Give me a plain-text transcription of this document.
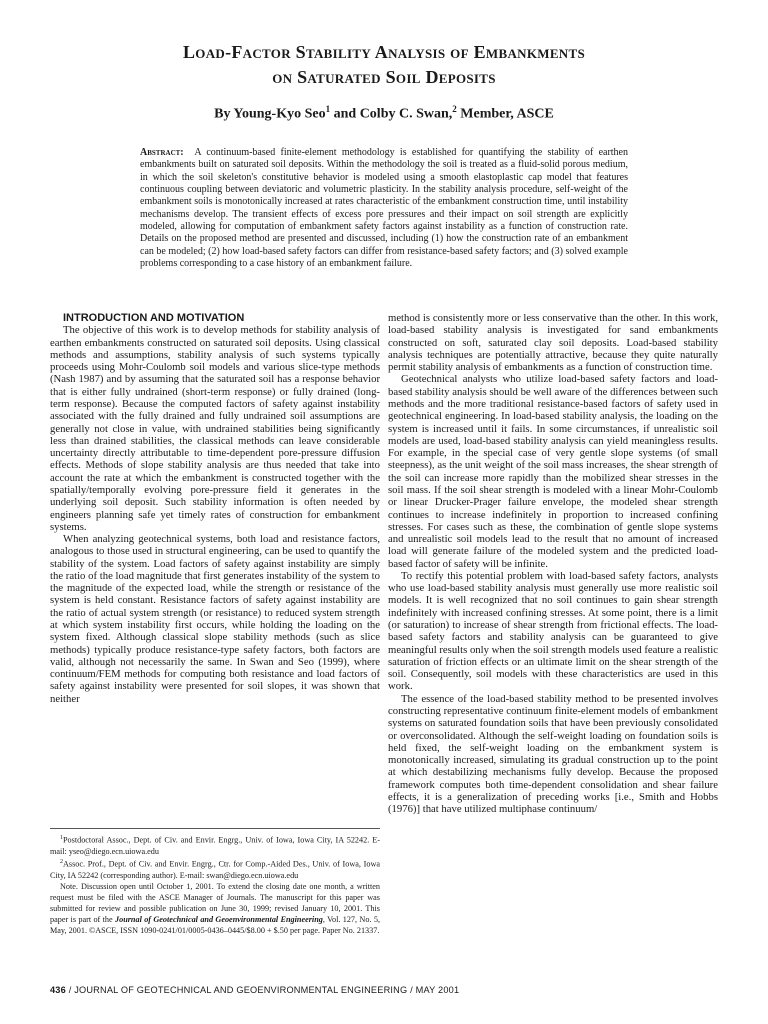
Load-Factor Stability Analysis of Embankments
on Saturated Soil Deposits
By Young-Kyo Seo$^1$ and Colby C. Swan,$^2$ Member, ASCE
Abstract: A continuum-based finite-element methodology is established for quantifying the stability of earthen embankments built on saturated soil deposits. Within the methodology the soil is treated as a fluid-solid porous medium, in which the soil skeleton's constitutive behavior is modeled using a smooth elastoplastic cap model that features continuous coupling between deviatoric and volumetric plasticity. In the stability analysis procedure, self-weight of the embankment soils is monotonically increased at rates characteristic of the embankment construction time, until instability mechanisms develop. The transient effects of excess pore pressures and their impact on soil strength are explicitly modeled, allowing for computation of embankment safety factors against instability as a function of construction rate. Details on the proposed method are presented and discussed, including (1) how the construction rate of an embankment can be modeled; (2) how load-based safety factors can differ from resistance-based safety factors; and (3) solved example problems corresponding to a case history of an embankment failure.

INTRODUCTION AND MOTIVATION

The objective of this work is to develop methods for stability analysis of earthen embankments constructed on saturated soil deposits. Using classical methods and assumptions, stability analysis of such systems typically proceeds using Mohr-Coulomb soil models and various slice-type methods (Nash 1987) and by assuming that the saturated soil has a response behavior that is either fully undrained (short-term response) or fully drained (long-term response). Because the computed factors of safety against instability associated with the fully drained and fully undrained soil assumptions are generally not close in value, with undrained stabilities being significantly less than drained stabilities, the classical methods can leave considerable uncertainty directly attributable to time-dependent pore-pressure diffusion effects. Methods of slope stability analysis are thus needed that take into account the rate at which the embankment is constructed together with the spatially/temporally evolving pore-pressure field it generates in the underlying soil deposit. Such stability information is often needed by engineers planning safe yet timely rates of construction for embankment systems.

When analyzing geotechnical systems, both load and resistance factors, analogous to those used in structural engineering, can be used to quantify the stability of the system. Load factors of safety against instability are simply the ratio of the load magnitude that first generates instability of the system to the magnitude of the expected load, while the strength or resistance of the system is held constant. Resistance factors of safety against instability are the ratio of actual system strength (or resistance) to reduced system strength at which system instability first occurs, while holding the loading on the system fixed. Although classical slope stability methods (such as slice methods) typically produce resistance-type safety factors, both factors are valid, although not necessarily the same. In Swan and Seo (1999), where continuum/FEM methods for computing both resistance and load factors of safety against instability were presented for soil slopes, it was shown that neither

$^1$Postdoctoral Assoc., Dept. of Civ. and Envir. Engrg., Univ. of Iowa, Iowa City, IA 52242. E-mail: yseo@diego.ecn.uiowa.edu

$^2$Assoc. Prof., Dept. of Civ. and Envir. Engrg., Ctr. for Comp.-Aided Des., Univ. of Iowa, Iowa City, IA 52242 (corresponding author). E-mail: swan@diego.ecn.uiowa.edu

Note. Discussion open until October 1, 2001. To extend the closing date one month, a written request must be filed with the ASCE Manager of Journals. The manuscript for this paper was submitted for review and possible publication on June 30, 1999; revised January 10, 2001. This paper is part of the Journal of Geotechnical and Geoenvironmental Engineering, Vol. 127, No. 5, May, 2001. ©ASCE, ISSN 1090-0241/01/0005-0436–0445/$8.00 + $.50 per page. Paper No. 21337.

method is consistently more or less conservative than the other. In this work, load-based stability analysis is investigated for sand embankments constructed on soft, saturated clay soil deposits. Load-based stability analysis techniques are potentially attractive, because they quite naturally permit stability analysis of embankments as a function of construction time.

Geotechnical analysts who utilize load-based safety factors and load-based stability analysis should be well aware of the differences between such methods and the more traditional resistance-based factors of safety used in geotechnical engineering. In load-based stability analysis, the loading on the system is increased until it fails. In some circumstances, if unrealistic soil models are used, load-based stability analysis can yield meaningless results. For example, in the special case of very gentle slope systems (of small steepness), as the unit weight of the soil mass increases, the shear strength of the soil can increase more rapidly than the mobilized shear stresses in the soil mass. If the soil shear strength is modeled with a linear Mohr-Coulomb or linear Drucker-Prager failure envelope, the modeled shear strength continues to increase indefinitely in proportion to increased confining stresses. For cases such as these, the combination of gentle slope systems and unrealistic soil models lead to the result that no amount of increased load will generate failure of the modeled system and the predicted load-based factor of safety will be infinite.

To rectify this potential problem with load-based safety factors, analysts who use load-based stability analysis must generally use more realistic soil models. It is well recognized that no soil continues to gain shear strength indefinitely with increased confining stresses. At some point, there is a limit (or saturation) to increase of shear strength from frictional effects. The load-based safety factors and stability analysis can be guaranteed to give meaningful results only when the soil strength models used feature a realistic saturation of friction effects or an ultimate limit on the shear strength of the soil. Consequently, soil models with these characteristics are used in this work.

The essence of the load-based stability method to be presented involves constructing representative continuum finite-element models of embankment systems on saturated foundation soils that have been previously consolidated or overconsolidated. Although the self-weight loading on foundation soils is held fixed, the self-weight loading on the embankment system is monotonically increased, simulating its gradual construction up to the point at which destabilizing mechanisms fully develop. Because the proposed framework computes both time-dependent consolidation and shear failure effects, it is a generalization of preceding works [i.e., Smith and Hobbs (1976)] that have utilized multiphase continuum/

436 / JOURNAL OF GEOTECHNICAL AND GEOENVIRONMENTAL ENGINEERING / MAY 2001
